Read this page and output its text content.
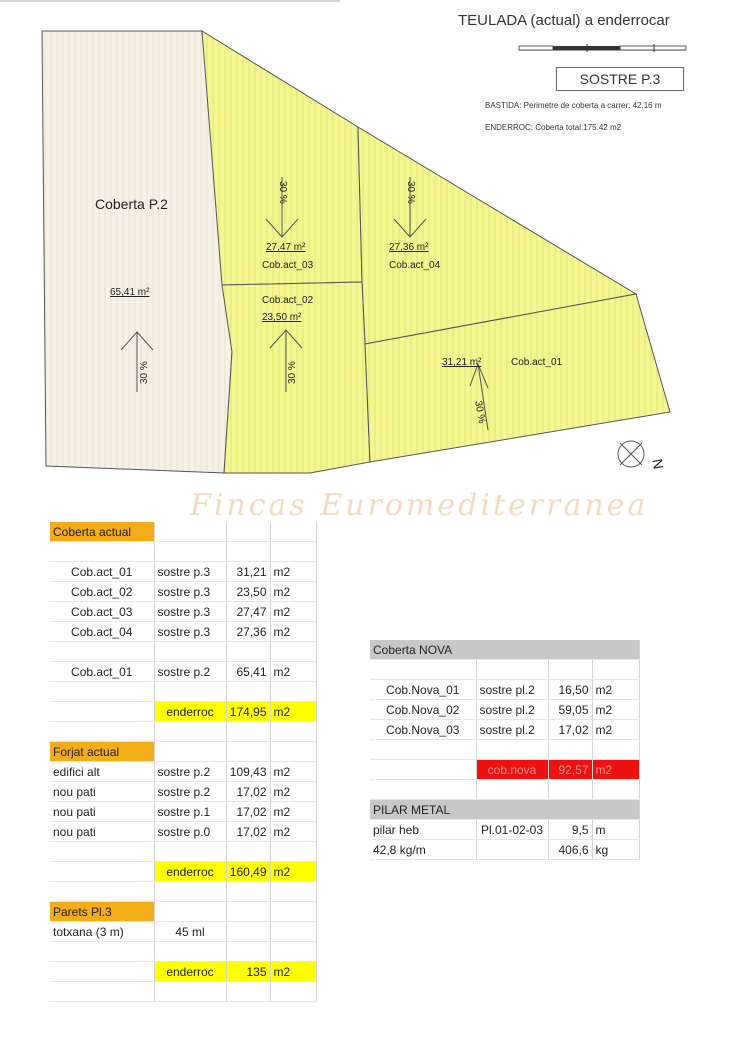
TEULADA (actual) a enderrocar
SOSTRE P.3
BASTIDA: Perimetre de coberta a carrer: 42.16 m
ENDERROC: Coberta total:175.42 m2
Coberta P.2
65,41 m²
30 %
27,47 m²
Cob.act_03
30 %
27,36 m²
Cob.act_04
30 %
Cob.act_02
23,50 m²
30 %	31,21 m²	Cob.act_01
30 %
N
Fincas Euromediterranea
Coberta actual			

Cob.act_01	sostre p.3	31,21	m2
Cob.act_02	sostre p.3	23,50	m2
Cob.act_03	sostre p.3	27,47	m2
Cob.act_04	sostre p.3	27,36	m2

Cob.act_01	sostre p.2	65,41	m2

	enderroc	174,95	m2

Forjat actual			
edifici alt	sostre p.2	109,43	m2
nou pati	sostre p.2	17,02	m2
nou pati	sostre p.1	17,02	m2
nou pati	sostre p.0	17,02	m2

	enderroc	160,49	m2

Parets Pl.3			
totxana (3 m)	45 ml		

	enderroc	135	m2

Coberta NOVA			

Cob.Nova_01	sostre pl.2	16,50	m2
Cob.Nova_02	sostre pl.2	59,05	m2
Cob.Nova_03	sostre pl.2	17,02	m2

	cob.nova	92,57	m2

PILAR METAL			
pilar heb	Pl.01-02-03	9,5	m
42,8 kg/m		406,6	kg
